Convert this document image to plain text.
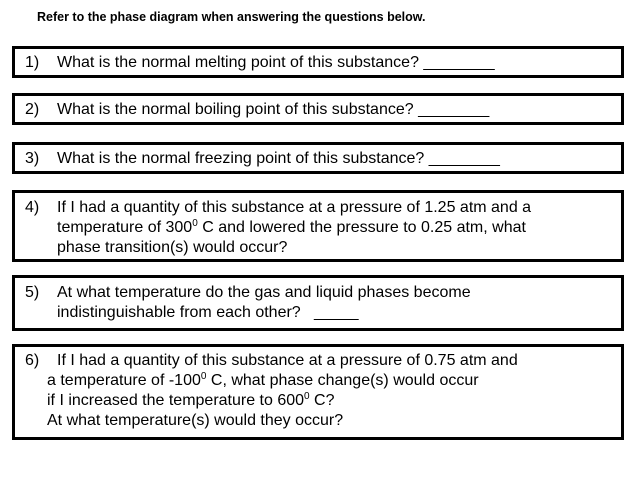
Refer to the phase diagram when answering the questions below.
1) What is the normal melting point of this substance? ________
2) What is the normal boiling point of this substance? ________
3) What is the normal freezing point of this substance? ________
4) If I had a quantity of this substance at a pressure of 1.25 atm and a
temperature of $300^0$ C and lowered the pressure to 0.25 atm, what
phase transition(s) would occur?
5) At what temperature do the gas and liquid phases become
indistinguishable from each other?   _____
6) If I had a quantity of this substance at a pressure of 0.75 atm and
a temperature of $-100^0$ C, what phase change(s) would occur
if I increased the temperature to $600^0$ C?
At what temperature(s) would they occur?
